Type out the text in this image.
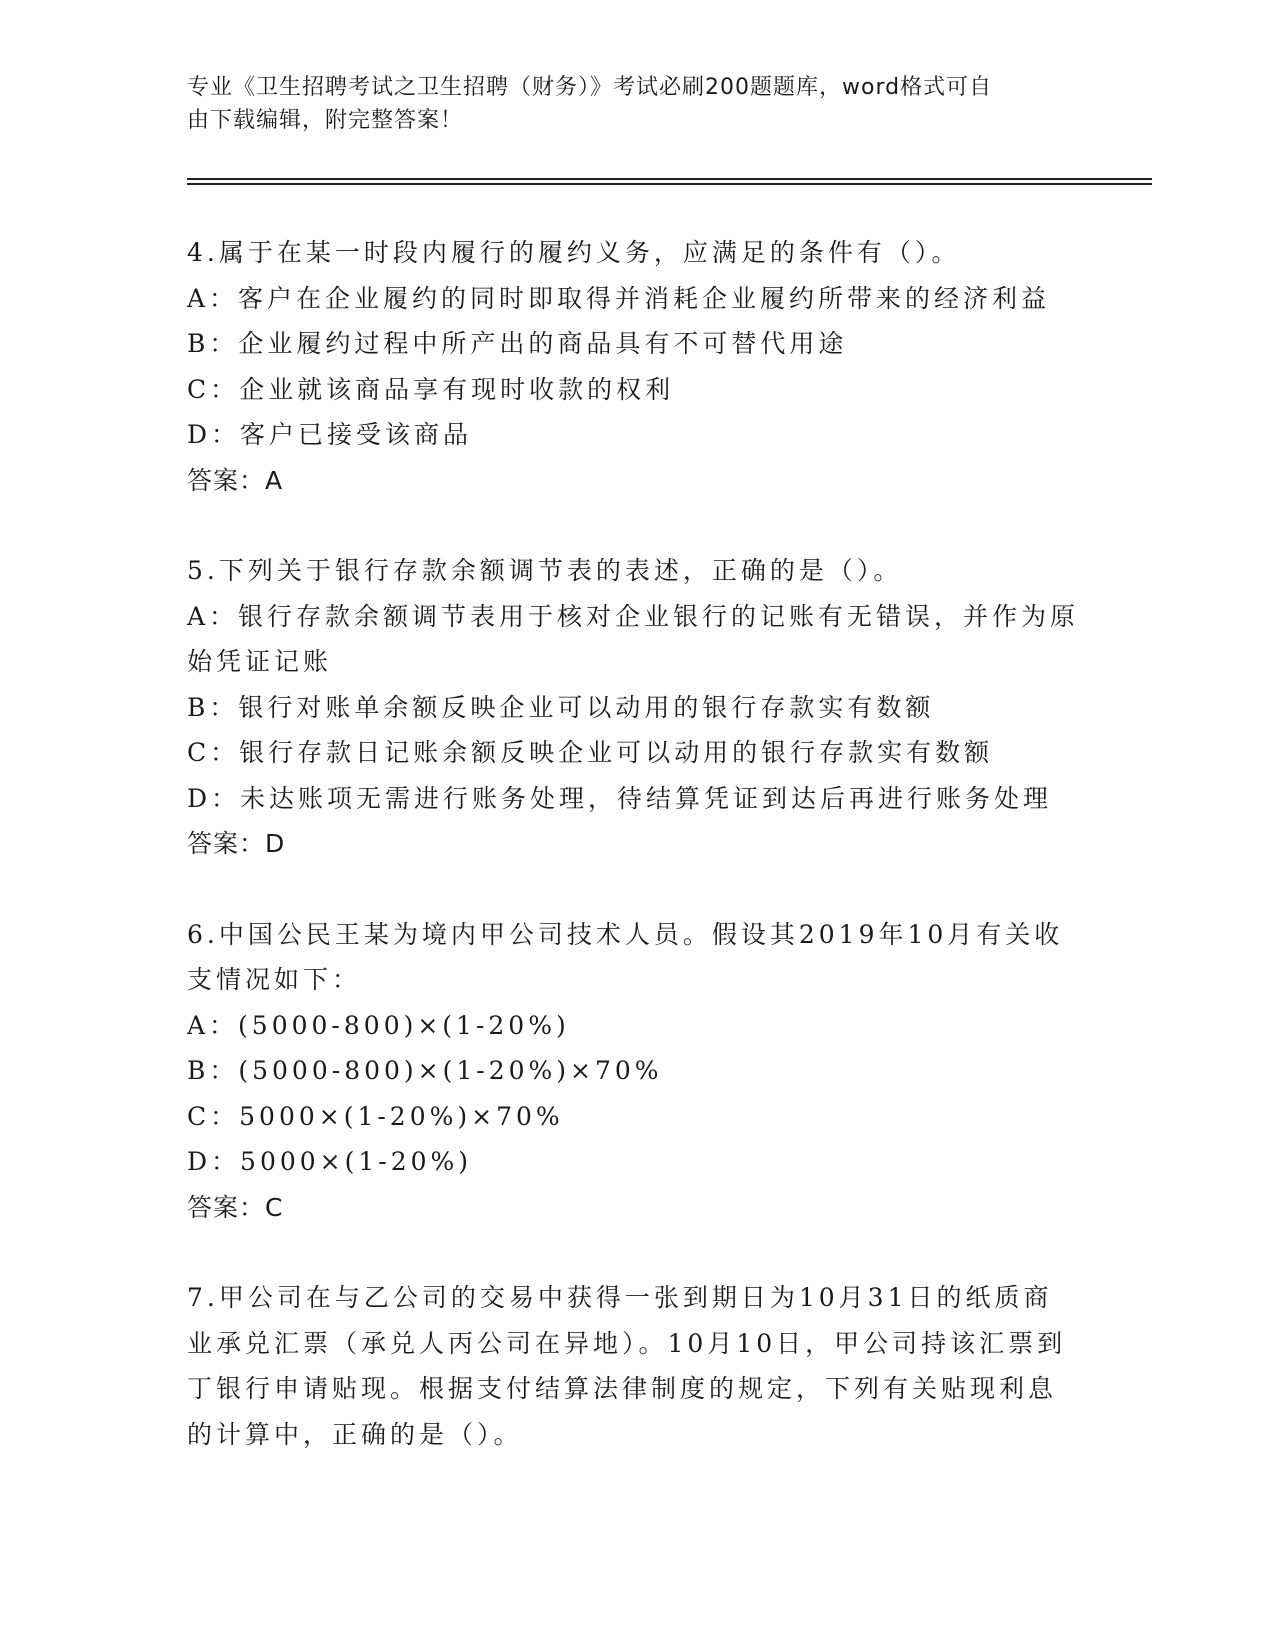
专业《卫生招聘考试之卫生招聘（财务）》考试必刷200题题库，word格式可自
由下载编辑，附完整答案！

4.属于在某一时段内履行的履约义务，应满足的条件有（）。

A：客户在企业履约的同时即取得并消耗企业履约所带来的经济利益

B：企业履约过程中所产出的商品具有不可替代用途

C：企业就该商品享有现时收款的权利

D：客户已接受该商品

答案：A

5.下列关于银行存款余额调节表的表述，正确的是（）。

A：银行存款余额调节表用于核对企业银行的记账有无错误，并作为原

始凭证记账

B：银行对账单余额反映企业可以动用的银行存款实有数额

C：银行存款日记账余额反映企业可以动用的银行存款实有数额

D：未达账项无需进行账务处理，待结算凭证到达后再进行账务处理

答案：D

6.中国公民王某为境内甲公司技术人员。假设其2019年10月有关收

支情况如下：

A：(5000-800)×(1-20%)

B：(5000-800)×(1-20%)×70%

C：5000×(1-20%)×70%

D：5000×(1-20%)

答案：C

7.甲公司在与乙公司的交易中获得一张到期日为10月31日的纸质商

业承兑汇票（承兑人丙公司在异地）。10月10日，甲公司持该汇票到

丁银行申请贴现。根据支付结算法律制度的规定，下列有关贴现利息

的计算中，正确的是（）。
